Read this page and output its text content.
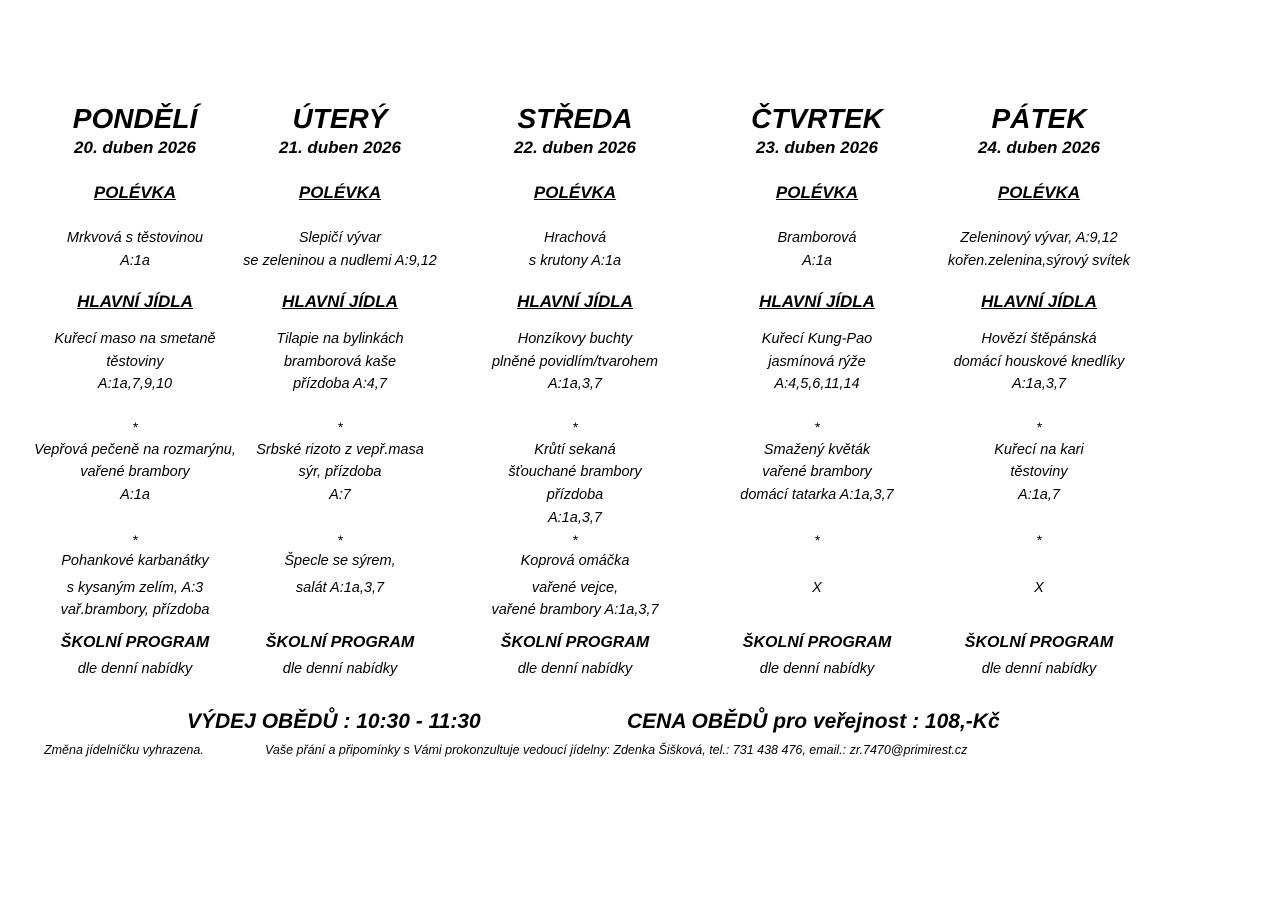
PONDĚLÍ
20. duben 2026
POLÉVKA
Mrkvová s těstovinou
A:1a
HLAVNÍ JÍDLA
Kuřecí maso na smetaně
těstoviny
A:1a,7,9,10
*
Vepřová pečeně na rozmarýnu,
vařené brambory
A:1a
*
Pohankové karbanátky
s kysaným zelím, A:3
vař.brambory, přízdoba
ŠKOLNÍ PROGRAM
dle denní nabídky
ÚTERÝ
21. duben 2026
POLÉVKA
Slepičí vývar
se zeleninou a nudlemi A:9,12
HLAVNÍ JÍDLA
Tilapie na bylinkách
bramborová kaše
přízdoba A:4,7
*
Srbské rizoto z vepř.masa
sýr, přízdoba
A:7
*
Špecle se sýrem,
salát A:1a,3,7
ŠKOLNÍ PROGRAM
dle denní nabídky
STŘEDA
22. duben 2026
POLÉVKA
Hrachová
s krutony A:1a
HLAVNÍ JÍDLA
Honzíkovy buchty
plněné povidlím/tvarohem
A:1a,3,7
*
Krůtí sekaná
šťouchané brambory
přízdoba
A:1a,3,7
*
Koprová omáčka
vařené vejce,
vařené brambory A:1a,3,7
ŠKOLNÍ PROGRAM
dle denní nabídky
ČTVRTEK
23. duben 2026
POLÉVKA
Bramborová
A:1a
HLAVNÍ JÍDLA
Kuřecí Kung-Pao
jasmínová rýže
A:4,5,6,11,14
*
Smažený květák
vařené brambory
domácí tatarka A:1a,3,7
*
X
ŠKOLNÍ PROGRAM
dle denní nabídky
PÁTEK
24. duben 2026
POLÉVKA
Zeleninový vývar, A:9,12
kořen.zelenina,sýrový svítek
HLAVNÍ JÍDLA
Hovězí štěpánská
domácí houskové knedlíky
A:1a,3,7
*
Kuřecí na kari
těstoviny
A:1a,7
*
X
ŠKOLNÍ PROGRAM
dle denní nabídky
VÝDEJ OBĚDŮ : 10:30 - 11:30	CENA OBĚDŮ pro veřejnost : 108,-Kč
Změna jídelníčku vyhrazena.	Vaše přání a připomínky s Vámi prokonzultuje vedoucí jídelny: Zdenka Šišková, tel.: 731 438 476, email.: zr.7470@primirest.cz
